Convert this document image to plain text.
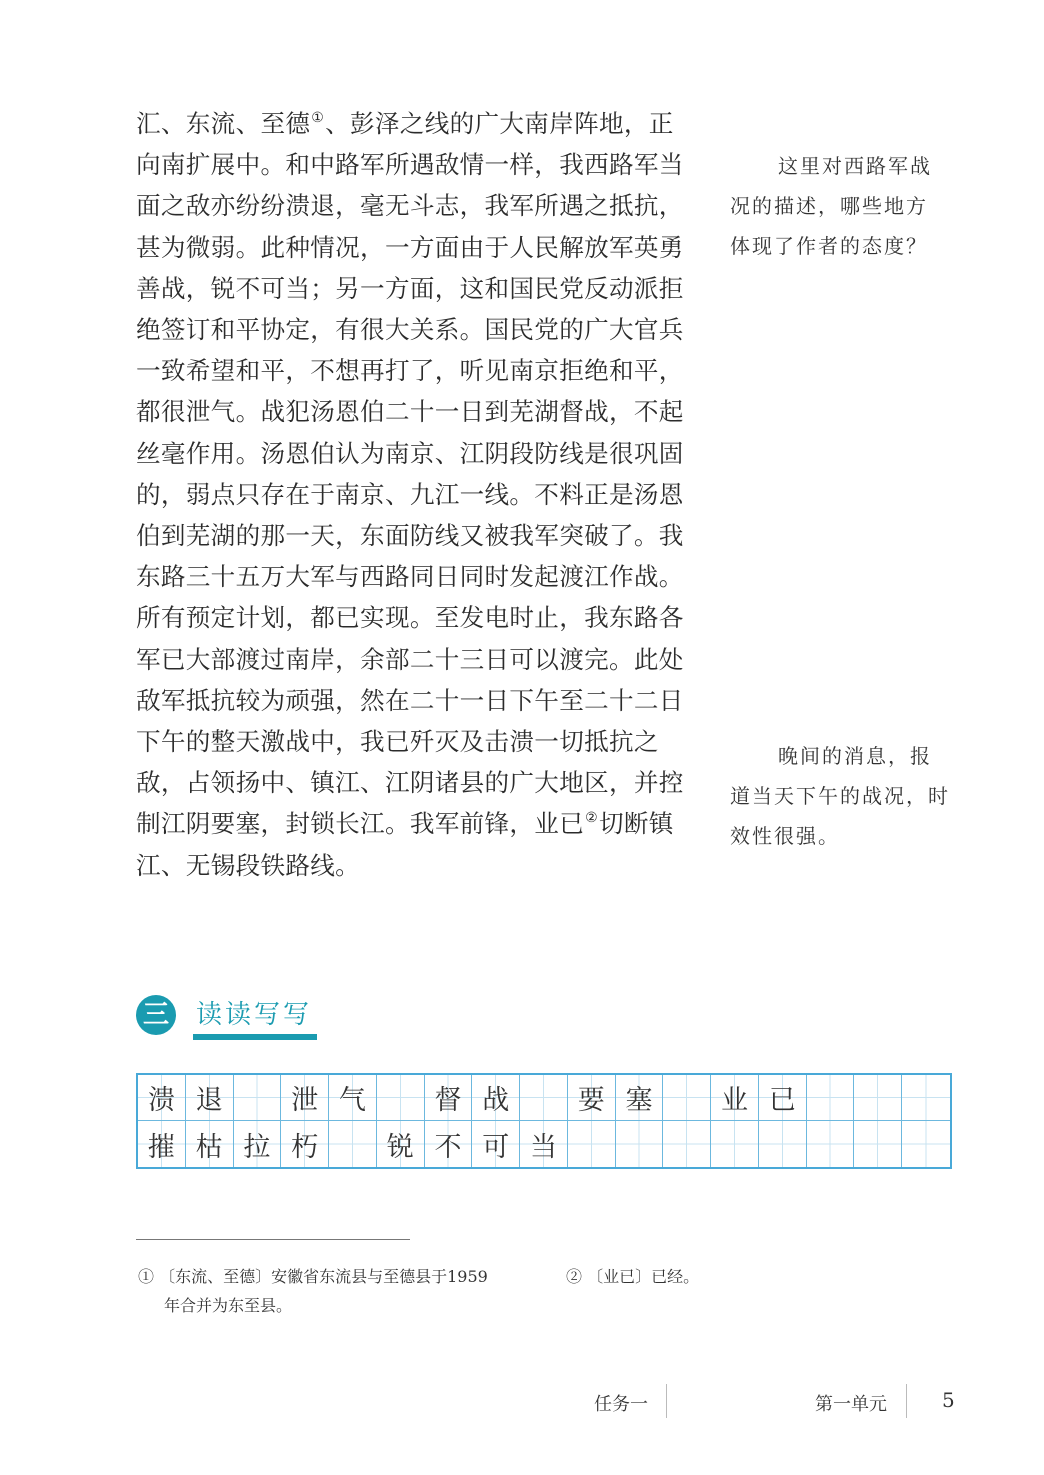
汇、东流、至德①、彭泽之线的广大南岸阵地，正
向南扩展中。和中路军所遇敌情一样，我西路军当
面之敌亦纷纷溃退，毫无斗志，我军所遇之抵抗，
甚为微弱。此种情况，一方面由于人民解放军英勇
善战，锐不可当；另一方面，这和国民党反动派拒
绝签订和平协定，有很大关系。国民党的广大官兵
一致希望和平，不想再打了，听见南京拒绝和平，
都很泄气。战犯汤恩伯二十一日到芜湖督战，不起
丝毫作用。汤恩伯认为南京、江阴段防线是很巩固
的，弱点只存在于南京、九江一线。不料正是汤恩
伯到芜湖的那一天，东面防线又被我军突破了。我
东路三十五万大军与西路同日同时发起渡江作战。
所有预定计划，都已实现。至发电时止，我东路各
军已大部渡过南岸，余部二十三日可以渡完。此处
敌军抵抗较为顽强，然在二十一日下午至二十二日
下午的整天激战中，我已歼灭及击溃一切抵抗之
敌，占领扬中、镇江、江阴诸县的广大地区，并控
制江阴要塞，封锁长江。我军前锋，业已②切断镇
江、无锡段铁路线。
这里对西路军战
况的描述，哪些地方
体现了作者的态度？
晚间的消息，报
道当天下午的战况，时
效性很强。
三 读读写写
溃 退	泄 气	督 战	要 塞	业 已
摧 枯 拉 朽	锐 不 可 当
① 〔东流、至德〕安徽省东流县与至德县于1959
年合并为东至县。
② 〔业已〕已经。
任务一	第一单元	5
